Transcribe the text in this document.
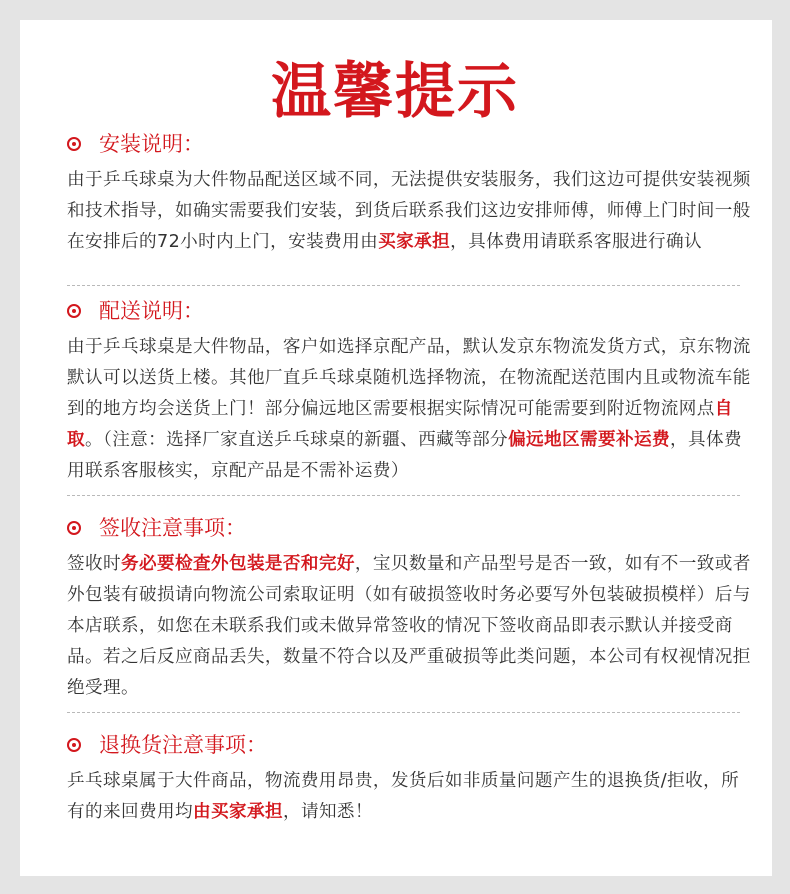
温馨提示
安装说明：
由于乒乓球桌为大件物品配送区域不同，无法提供安装服务，我们这边可提供安装视频和技术指导，如确实需要我们安装，到货后联系我们这边安排师傅，师傅上门时间一般在安排后的72小时内上门，安装费用由买家承担，具体费用请联系客服进行确认
配送说明：
由于乒乓球桌是大件物品，客户如选择京配产品，默认发京东物流发货方式，京东物流默认可以送货上楼。其他厂直乒乓球桌随机选择物流，在物流配送范围内且或物流车能到的地方均会送货上门！部分偏远地区需要根据实际情况可能需要到附近物流网点自取。（注意：选择厂家直送乒乓球桌的新疆、西藏等部分偏远地区需要补运费，具体费用联系客服核实，京配产品是不需补运费）
签收注意事项：
签收时务必要检查外包装是否和完好，宝贝数量和产品型号是否一致，如有不一致或者外包装有破损请向物流公司索取证明（如有破损签收时务必要写外包装破损模样）后与本店联系，如您在未联系我们或未做异常签收的情况下签收商品即表示默认并接受商品。若之后反应商品丢失，数量不符合以及严重破损等此类问题，本公司有权视情况拒绝受理。
退换货注意事项：
乒乓球桌属于大件商品，物流费用昂贵，发货后如非质量问题产生的退换货/拒收，所有的来回费用均由买家承担，请知悉！
